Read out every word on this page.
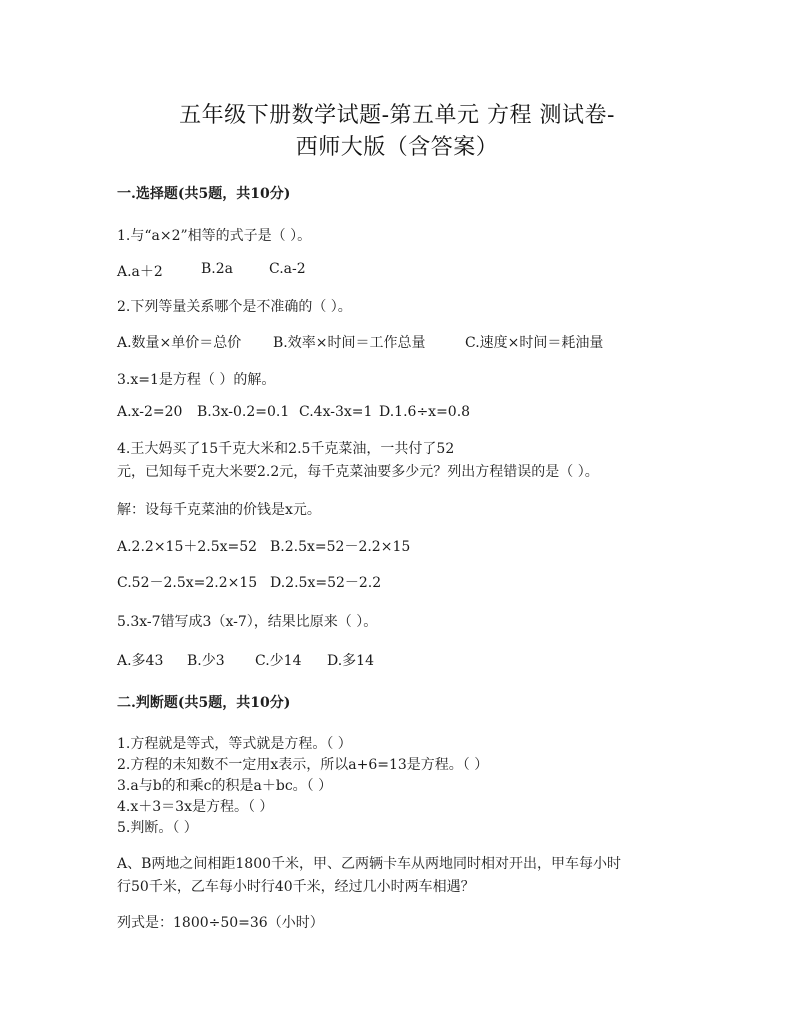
五年级下册数学试题-第五单元 方程 测试卷-
西师大版（含答案）
一.选择题(共5题，共10分)
1.与“a×2”相等的式子是（ ）。
A.a＋2	B.2a	C.a-2
2.下列等量关系哪个是不准确的（ ）。
A.数量×单价＝总价 B.效率×时间＝工作总量	C.速度×时间＝耗油量
3.x=1是方程（ ）的解。
A.x-2=20 B.3x-0.2=0.1 C.4x-3x=1 D.1.6÷x=0.8
4.王大妈买了15千克大米和2.5千克菜油，一共付了52
元，已知每千克大米要2.2元，每千克菜油要多少元？列出方程错误的是（ ）。
解：设每千克菜油的价钱是x元。
A.2.2×15＋2.5x=52 B.2.5x=52－2.2×15
C.52－2.5x=2.2×15 D.2.5x=52－2.2
5.3x-7错写成3（x-7），结果比原来（ ）。
A.多43 B.少3 C.少14 D.多14
二.判断题(共5题，共10分)
1.方程就是等式，等式就是方程。（ ）
2.方程的未知数不一定用x表示，所以a+6=13是方程。（ ）
3.a与b的和乘c的积是a＋bc。（ ）
4.x＋3＝3x是方程。（ ）
5.判断。（ ）
A、B两地之间相距1800千米，甲、乙两辆卡车从两地同时相对开出，甲车每小时
行50千米，乙车每小时行40千米，经过几小时两车相遇？
列式是：1800÷50=36（小时）
